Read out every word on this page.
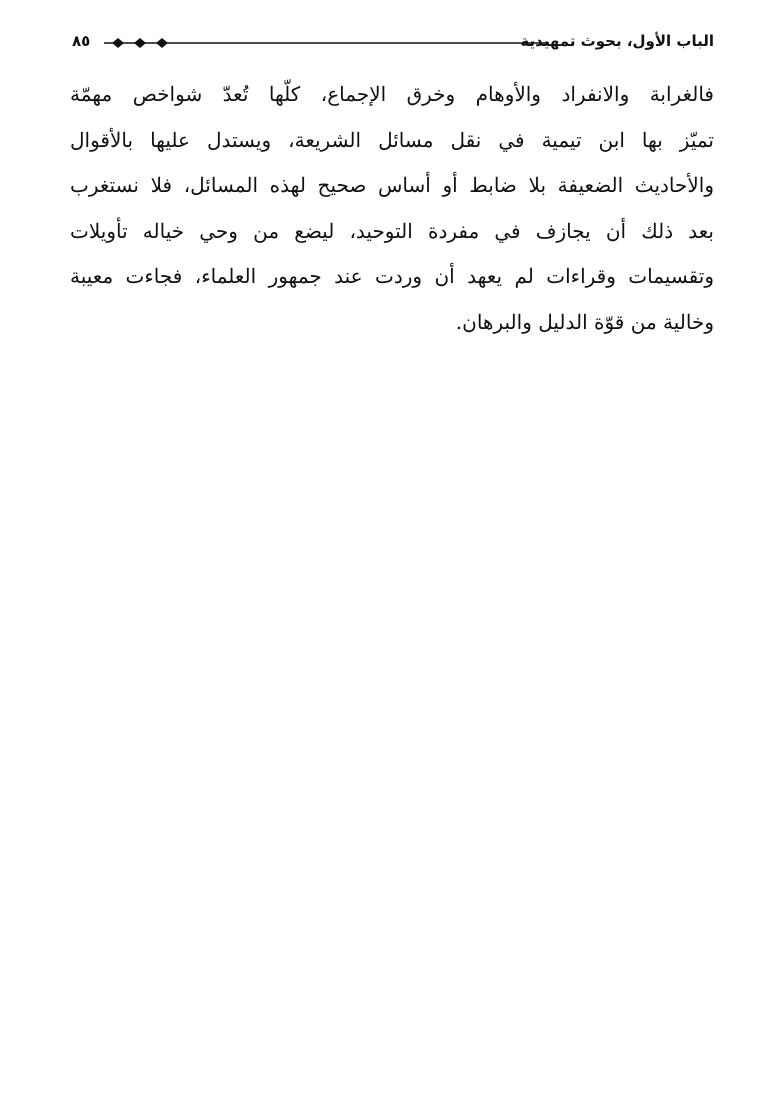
٨٥	الباب الأول، بحوث تمهيدية
فالغرابة والانفراد والأوهام وخرق الإجماع، كلّها تُعدّ شواخص مهمّة
تميّز بها ابن تيمية في نقل مسائل الشريعة، ويستدل عليها بالأقوال
والأحاديث الضعيفة بلا ضابط أو أساس صحيح لهذه المسائل، فلا نستغرب
بعد ذلك أن يجازف في مفردة التوحيد، ليضع من وحي خياله تأويلات
وتقسيمات وقراءات لم يعهد أن وردت عند جمهور العلماء، فجاءت معيبة
وخالية من قوّة الدليل والبرهان.
